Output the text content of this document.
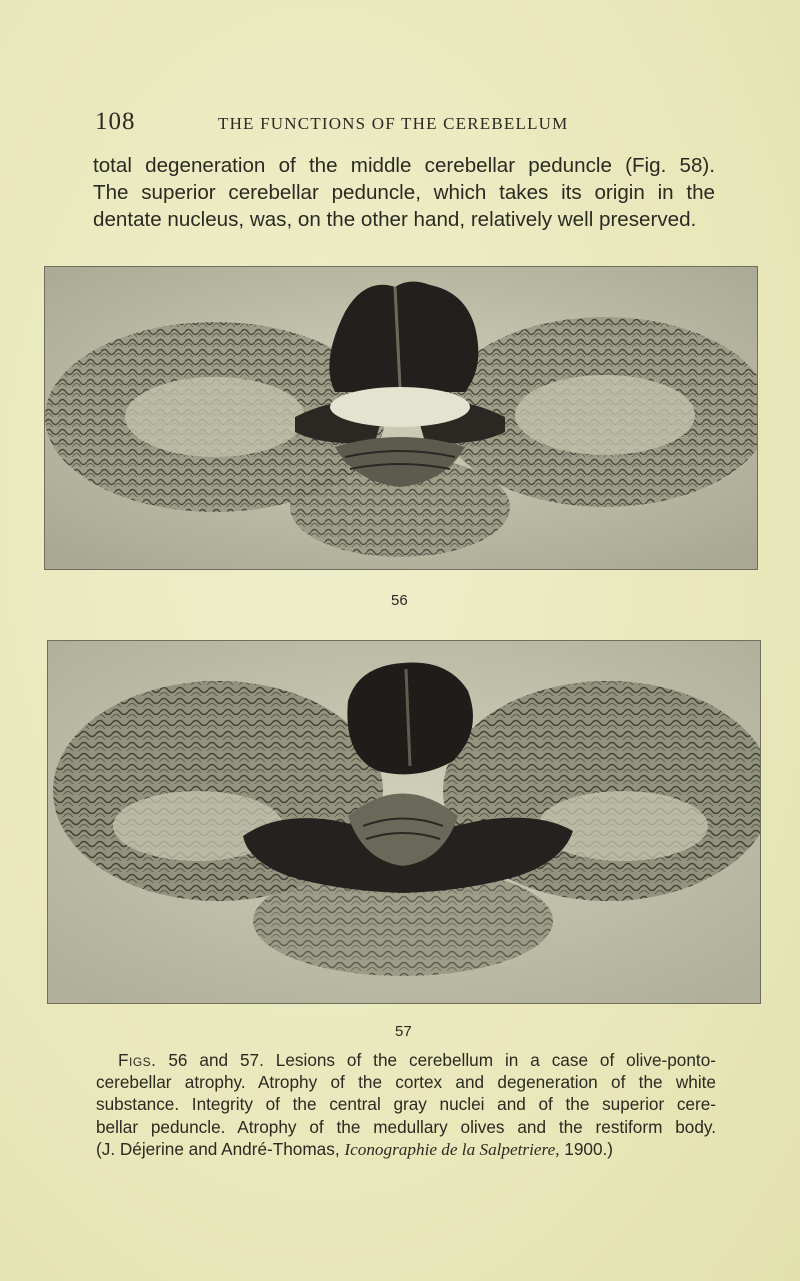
108	THE FUNCTIONS OF THE CEREBELLUM
total degeneration of the middle cerebellar peduncle (Fig. 58).
The superior cerebellar peduncle, which takes its origin in the
dentate nucleus, was, on the other hand, relatively well preserved.
56
57
Figs. 56 and 57. Lesions of the cerebellum in a case of olive-ponto-
cerebellar atrophy. Atrophy of the cortex and degeneration of the white
substance. Integrity of the central gray nuclei and of the superior cere-
bellar peduncle. Atrophy of the medullary olives and the restiform body.
(J. Déjerine and André-Thomas, Iconographie de la Salpetriere, 1900.)
